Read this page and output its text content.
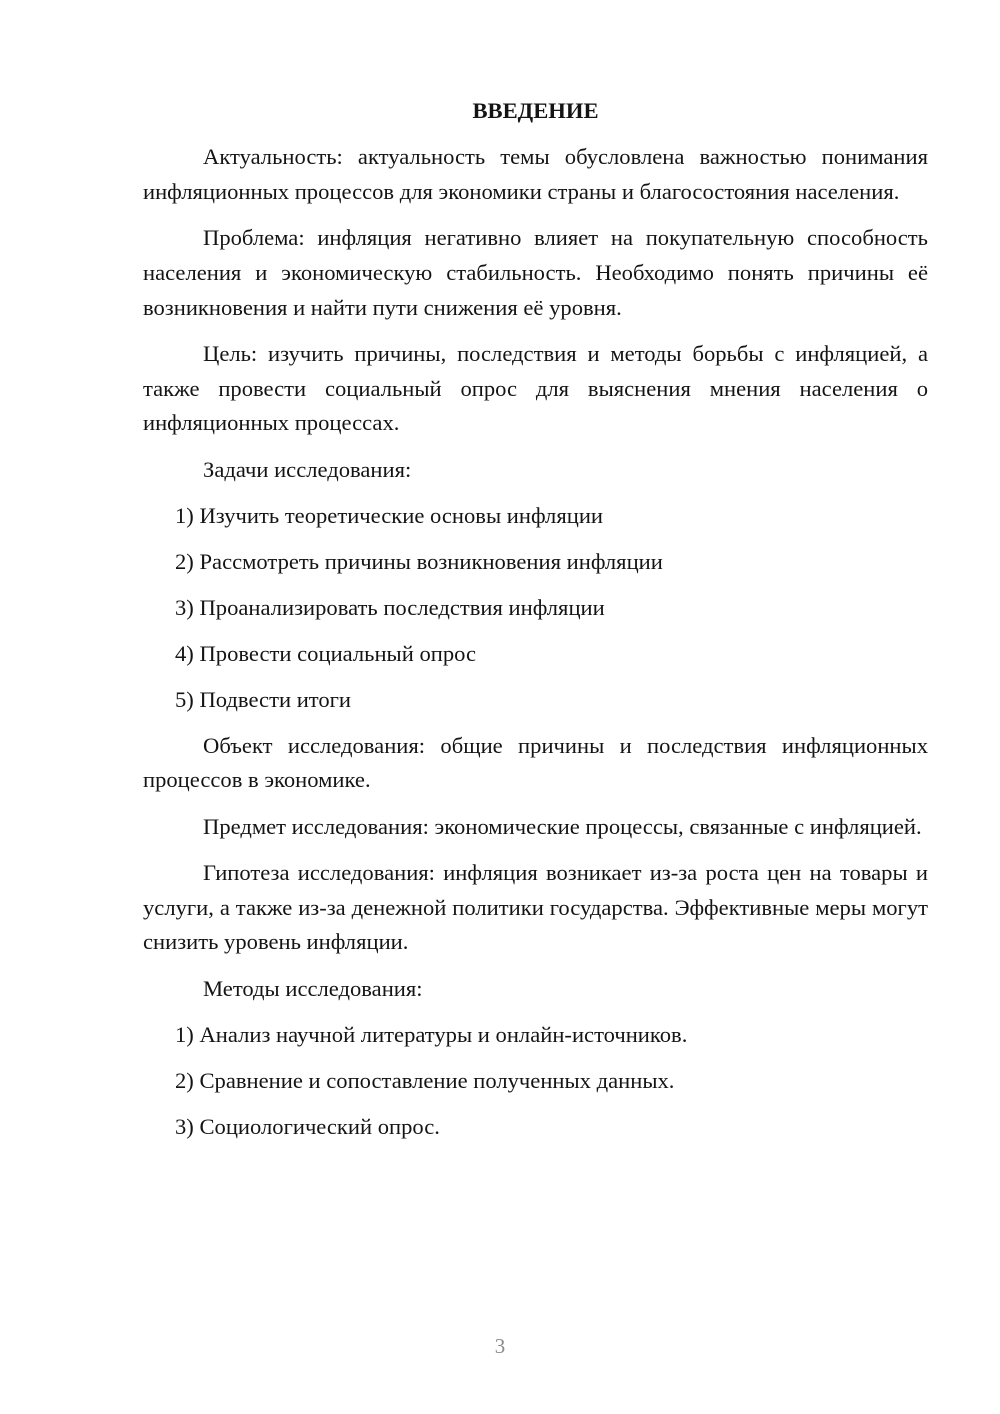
ВВЕДЕНИЕ

Актуальность: актуальность темы обусловлена важностью понимания инфляционных процессов для экономики страны и благосостояния населения.

Проблема: инфляция негативно влияет на покупательную способность населения и экономическую стабильность. Необходимо понять причины её возникновения и найти пути снижения её уровня.

Цель: изучить причины, последствия и методы борьбы с инфляцией, а также провести социальный опрос для выяснения мнения населения о инфляционных процессах.

Задачи исследования:

1) Изучить теоретические основы инфляции

2) Рассмотреть причины возникновения инфляции

3) Проанализировать последствия инфляции

4) Провести социальный опрос

5) Подвести итоги

Объект исследования: общие причины и последствия инфляционных процессов в экономике.

Предмет исследования: экономические процессы, связанные с инфляцией.

Гипотеза исследования: инфляция возникает из-за роста цен на товары и услуги, а также из-за денежной политики государства. Эффективные меры могут снизить уровень инфляции.

Методы исследования:

1) Анализ научной литературы и онлайн-источников.

2) Сравнение и сопоставление полученных данных.

3) Социологический опрос.

3
